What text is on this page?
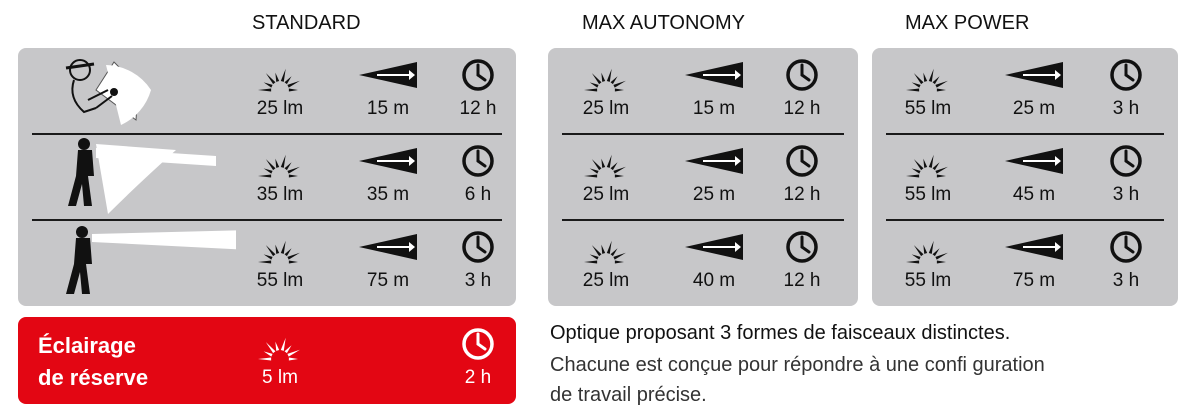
STANDARD	MAX AUTONOMY	MAX POWER
25 lm	15 m	12 h
35 lm	35 m	6 h
55 lm	75 m	3 h
25 lm	15 m	12 h
25 lm	25 m	12 h
25 lm	40 m	12 h
55 lm	25 m	3 h
55 lm	45 m	3 h
55 lm	75 m	3 h
Éclairage
de réserve	5 lm	2 h
Optique proposant 3 formes de faisceaux distinctes.
Chacune est conçue pour répondre à une confi guration
de travail précise.
